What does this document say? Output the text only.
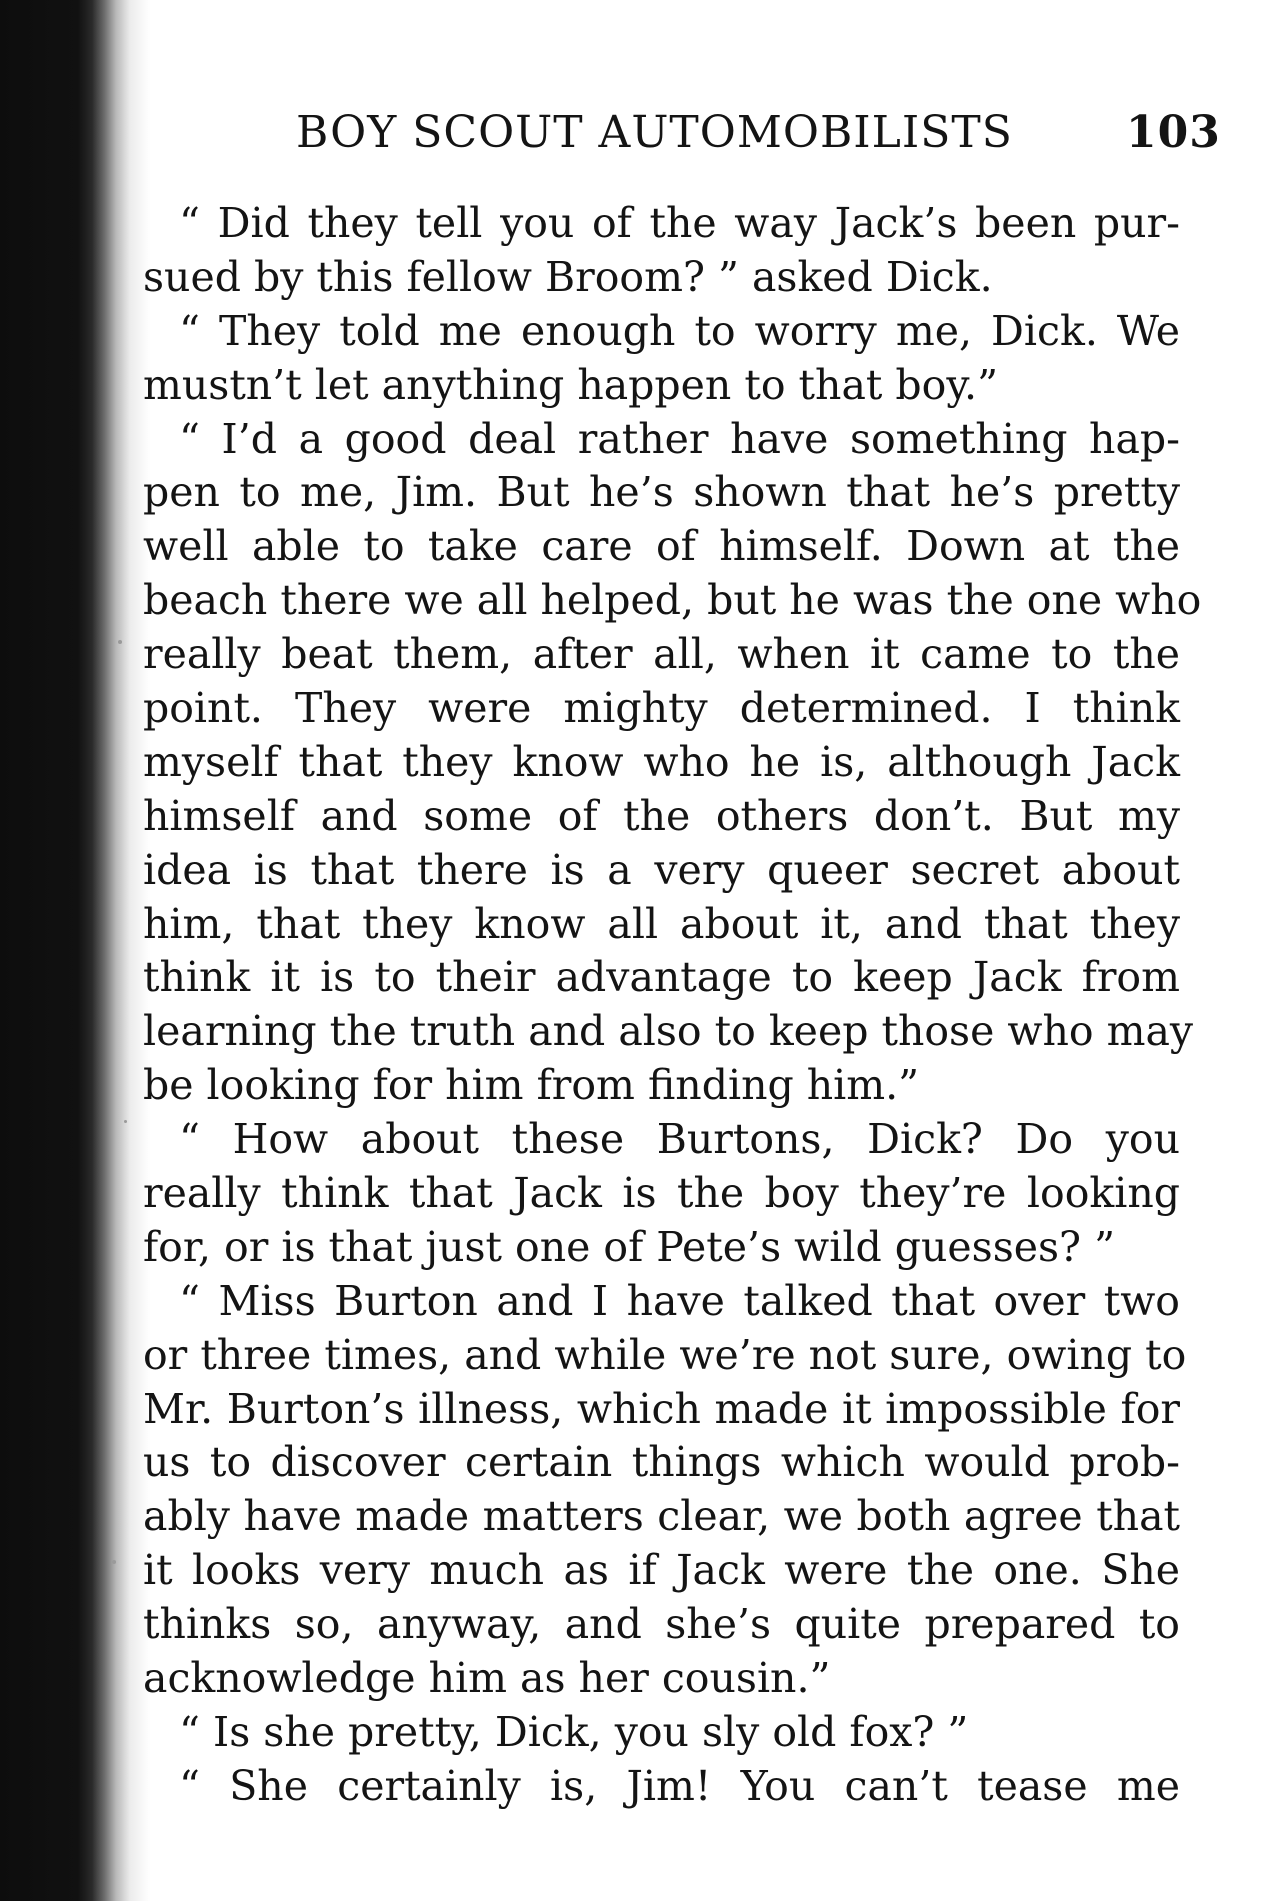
BOY SCOUT AUTOMOBILISTS	103
“ Did they tell you of the way Jack’s been pur-
sued by this fellow Broom? ” asked Dick.
“ They told me enough to worry me, Dick. We
mustn’t let anything happen to that boy.”
“ I’d a good deal rather have something hap-
pen to me, Jim. But he’s shown that he’s pretty
well able to take care of himself. Down at the
beach there we all helped, but he was the one who
really beat them, after all, when it came to the
point. They were mighty determined. I think
myself that they know who he is, although Jack
himself and some of the others don’t. But my
idea is that there is a very queer secret about
him, that they know all about it, and that they
think it is to their advantage to keep Jack from
learning the truth and also to keep those who may
be looking for him from finding him.”
“ How about these Burtons, Dick? Do you
really think that Jack is the boy they’re looking
for, or is that just one of Pete’s wild guesses? ”
“ Miss Burton and I have talked that over two
or three times, and while we’re not sure, owing to
Mr. Burton’s illness, which made it impossible for
us to discover certain things which would prob-
ably have made matters clear, we both agree that
it looks very much as if Jack were the one. She
thinks so, anyway, and she’s quite prepared to
acknowledge him as her cousin.”
“ Is she pretty, Dick, you sly old fox? ”
“ She certainly is, Jim! You can’t tease me
